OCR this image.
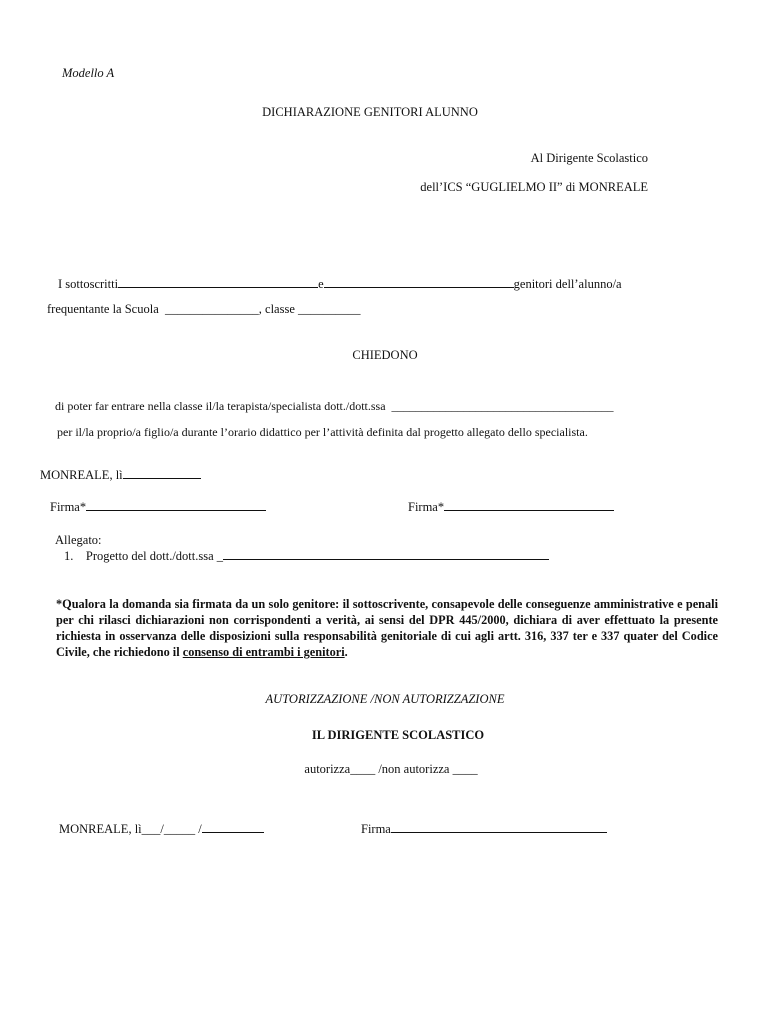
Modello A
DICHIARAZIONE GENITORI ALUNNO
Al Dirigente Scolastico
dell’ICS “GUGLIELMO II” di MONREALE
I sottoscritti	e	genitori dell’alunno/a
frequentante la Scuola _______________, classe __________
CHIEDONO
di poter far entrare nella classe il/la terapista/specialista dott./dott.ssa _____________________________________
per il/la proprio/a figlio/a durante l’orario didattico per l’attività definita dal progetto allegato dello specialista.
MONREALE, lì
Firma*	Firma*
Allegato:
1. Progetto del dott./dott.ssa _
*Qualora la domanda sia firmata da un solo genitore: il sottoscrivente, consapevole delle conseguenze amministrative e penali per chi rilasci dichiarazioni non corrispondenti a verità, ai sensi del DPR 445/2000, dichiara di aver effettuato la presente richiesta in osservanza delle disposizioni sulla responsabilità genitoriale di cui agli artt. 316, 337 ter e 337 quater del Codice Civile, che richiedono il consenso di entrambi i genitori.
AUTORIZZAZIONE /NON AUTORIZZAZIONE
IL DIRIGENTE SCOLASTICO
autorizza____ /non autorizza ____
MONREALE, lì___/_____ /	Firma
